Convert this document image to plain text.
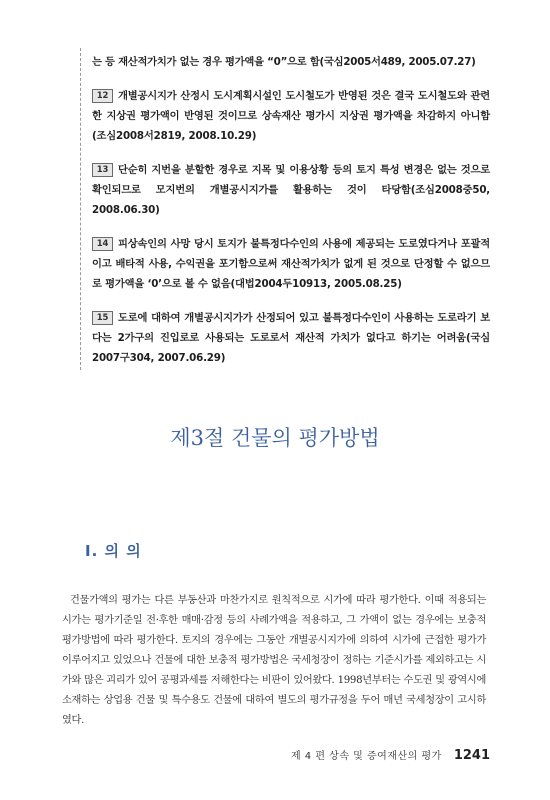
는 등 재산적가치가 없는 경우 평가액을 “0”으로 함(국심2005서489, 2005.07.27)

12 개별공시지가 산정시 도시계획시설인 도시철도가 반영된 것은 결국 도시철도와 관련한 지상권 평가액이 반영된 것이므로 상속재산 평가시 지상권 평가액을 차감하지 아니함(조심2008서2819, 2008.10.29)

13 단순히 지번을 분할한 경우로 지목 및 이용상황 등의 토지 특성 변경은 없는 것으로 확인되므로 모지번의 개별공시지가를 활용하는 것이 타당함(조심2008중50, 2008.06.30)

14 피상속인의 사망 당시 토지가 불특정다수인의 사용에 제공되는 도로였다거나 포괄적이고 배타적 사용, 수익권을 포기함으로써 재산적가치가 없게 된 것으로 단정할 수 없으므로 평가액을 ‘0’으로 볼 수 없음(대법2004두10913, 2005.08.25)

15 도로에 대하여 개별공시지가가 산정되어 있고 불특정다수인이 사용하는 도로라기 보다는 2가구의 진입로로 사용되는 도로로서 재산적 가치가 없다고 하기는 어려움(국심2007구304, 2007.06.29)

제3절 건물의 평가방법
Ⅰ. 의 의

건물가액의 평가는 다른 부동산과 마찬가지로 원칙적으로 시가에 따라 평가한다. 이때 적용되는 시가는 평가기준일 전·후한 매매·감정 등의 사례가액을 적용하고, 그 가액이 없는 경우에는 보충적 평가방법에 따라 평가한다. 토지의 경우에는 그동안 개별공시지가에 의하여 시가에 근접한 평가가 이루어지고 있었으나 건물에 대한 보충적 평가방법은 국세청장이 정하는 기준시가를 제외하고는 시가와 많은 괴리가 있어 공평과세를 저해한다는 비판이 있어왔다. 1998년부터는 수도권 및 광역시에 소재하는 상업용 건물 및 특수용도 건물에 대하여 별도의 평가규정을 두어 매년 국세청장이 고시하였다.

제 4 편 상속 및 증여재산의 평가 1241
